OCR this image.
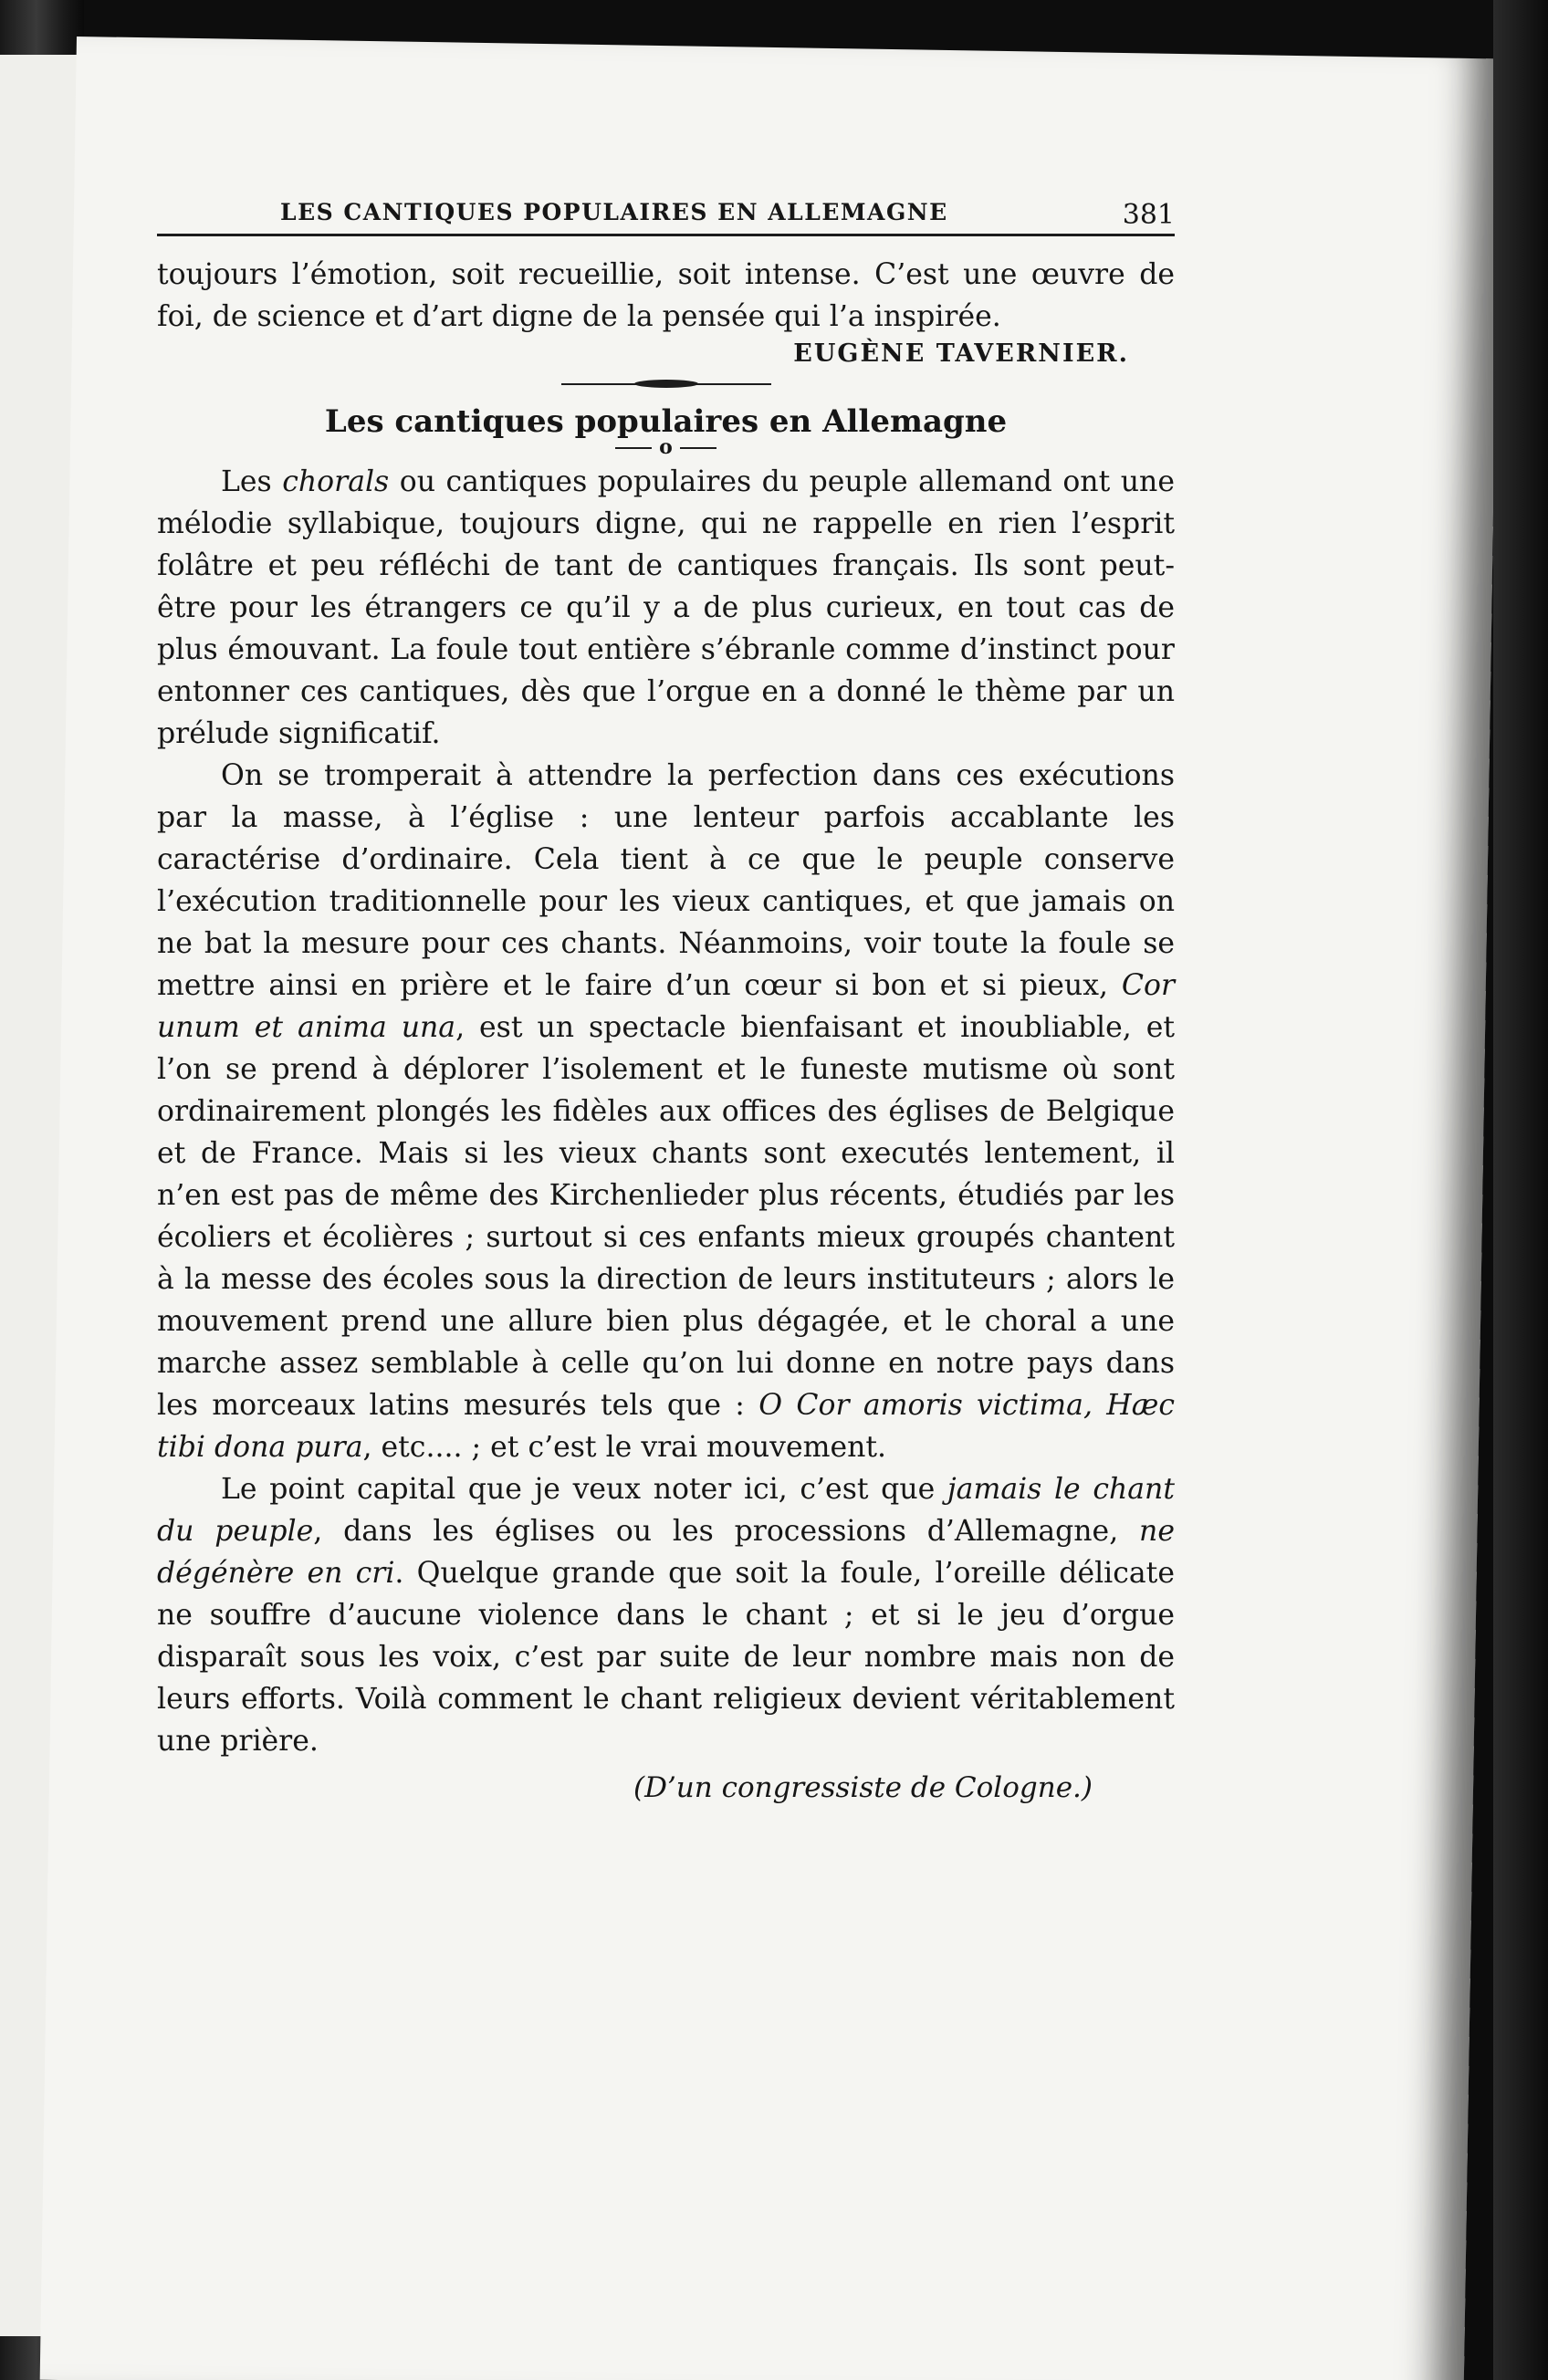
LES CANTIQUES POPULAIRES EN ALLEMAGNE	381

toujours l’émotion, soit recueillie, soit intense. C’est une œuvre de foi, de science et d’art digne de la pensée qui l’a inspirée.

EUGÈNE TAVERNIER.

Les cantiques populaires en Allemagne
o

Les chorals ou cantiques populaires du peuple allemand ont une mélodie syllabique, toujours digne, qui ne rappelle en rien l’esprit folâtre et peu réfléchi de tant de cantiques français. Ils sont peut-être pour les étrangers ce qu’il y a de plus curieux, en tout cas de plus émouvant. La foule tout entière s’ébranle comme d’instinct pour entonner ces cantiques, dès que l’orgue en a donné le thème par un prélude significatif.

On se tromperait à attendre la perfection dans ces exécutions par la masse, à l’église : une lenteur parfois accablante les caractérise d’ordinaire. Cela tient à ce que le peuple conserve l’exécution traditionnelle pour les vieux cantiques, et que jamais on ne bat la mesure pour ces chants. Néanmoins, voir toute la foule se mettre ainsi en prière et le faire d’un cœur si bon et si pieux, Cor unum et anima una, est un spectacle bienfaisant et inoubliable, et l’on se prend à déplorer l’isolement et le funeste mutisme où sont ordinairement plongés les fidèles aux offices des églises de Belgique et de France. Mais si les vieux chants sont executés lentement, il n’en est pas de même des Kirchenlieder plus récents, étudiés par les écoliers et écolières ; surtout si ces enfants mieux groupés chantent à la messe des écoles sous la direction de leurs instituteurs ; alors le mouvement prend une allure bien plus dégagée, et le choral a une marche assez semblable à celle qu’on lui donne en notre pays dans les morceaux latins mesurés tels que : O Cor amoris victima, Hæc tibi dona pura, etc.... ; et c’est le vrai mouvement.

Le point capital que je veux noter ici, c’est que jamais le chant du peuple, dans les églises ou les processions d’Allemagne, ne dégénère en cri. Quelque grande que soit la foule, l’oreille délicate ne souffre d’aucune violence dans le chant ; et si le jeu d’orgue disparaît sous les voix, c’est par suite de leur nombre mais non de leurs efforts. Voilà comment le chant religieux devient véritablement une prière.

(D’un congressiste de Cologne.)
